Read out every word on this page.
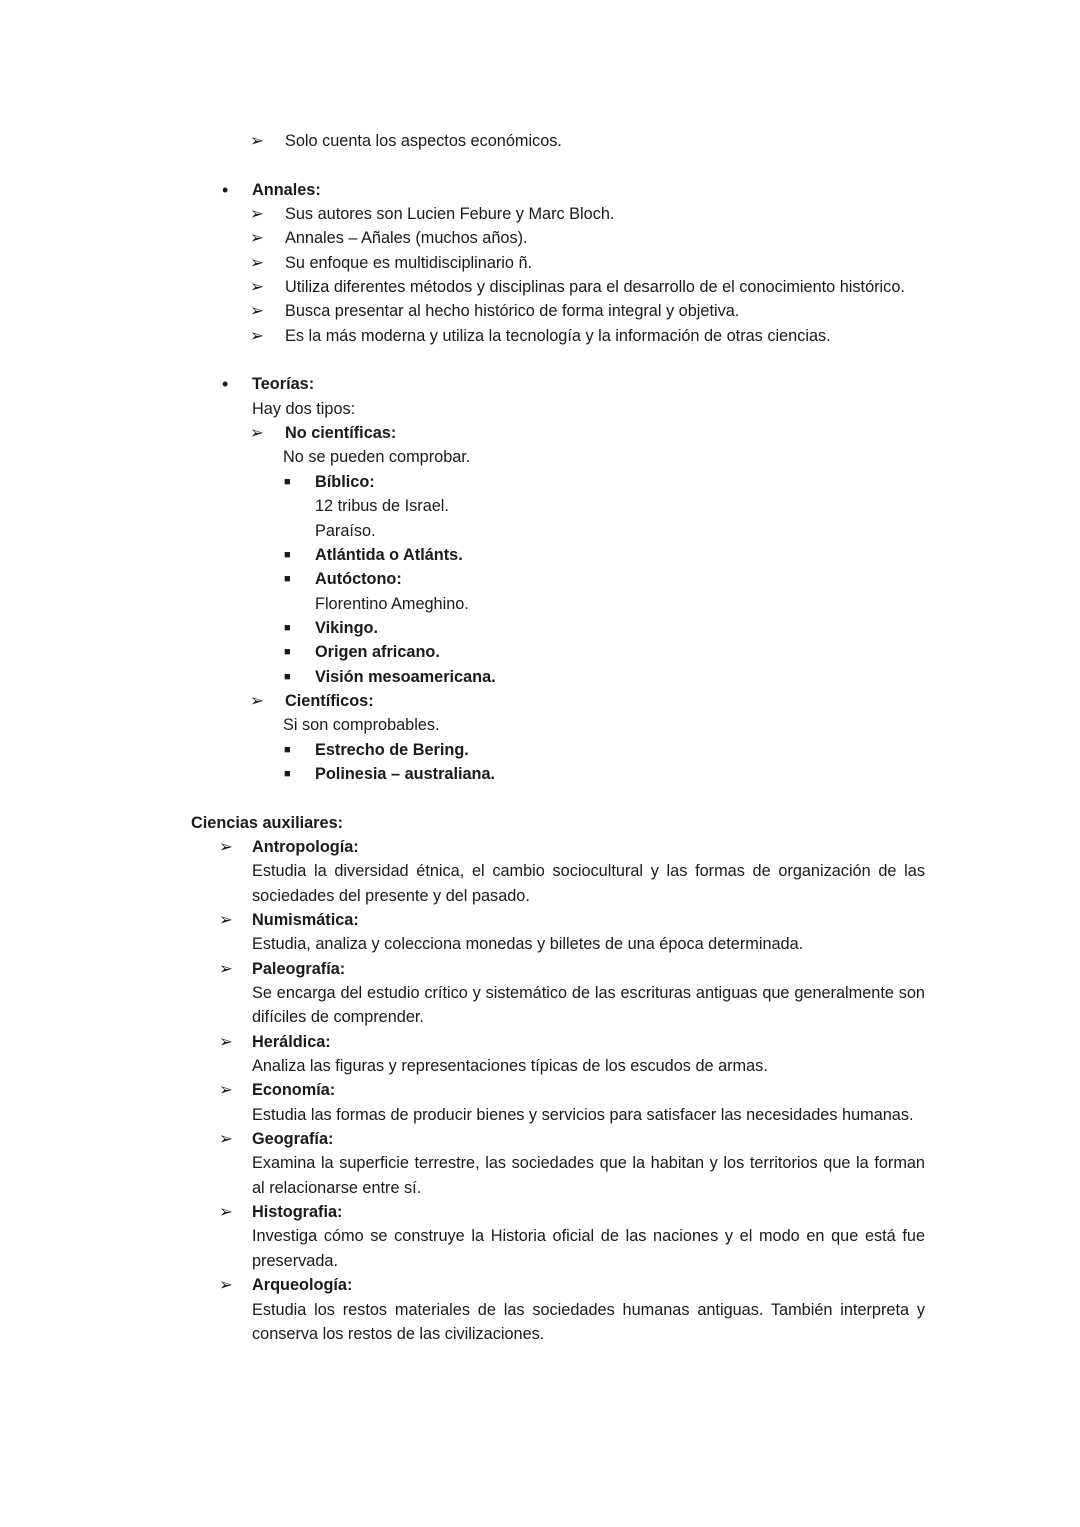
➢	Solo cuenta los aspectos económicos.
•	Annales:
➢	Sus autores son Lucien Febure y Marc Bloch.
➢	Annales – Añales (muchos años).
➢	Su enfoque es multidisciplinario ñ.
➢	Utiliza diferentes métodos y disciplinas para el desarrollo de el conocimiento histórico.
➢	Busca presentar al hecho histórico de forma integral y objetiva.
➢	Es la más moderna y utiliza la tecnología y la información de otras ciencias.
•	Teorías:
Hay dos tipos:
➢	No científicas:
No se pueden comprobar.
■	Bíblico:
12 tribus de Israel.
Paraíso.
■	Atlántida o Atlánts.
■	Autóctono:
Florentino Ameghino.
■	Vikingo.
■	Origen africano.
■	Visión mesoamericana.
➢	Científicos:
Si son comprobables.
■	Estrecho de Bering.
■	Polinesia – australiana.
Ciencias auxiliares:
➢	Antropología:
Estudia la diversidad étnica, el cambio sociocultural y las formas de organización de las sociedades del presente y del pasado.
➢	Numismática:
Estudia, analiza y colecciona monedas y billetes de una época determinada.
➢	Paleografía:
Se encarga del estudio crítico y sistemático de las escrituras antiguas que generalmente son difíciles de comprender.
➢	Heráldica:
Analiza las figuras y representaciones típicas de los escudos de armas.
➢	Economía:
Estudia las formas de producir bienes y servicios para satisfacer las necesidades humanas.
➢	Geografía:
Examina la superficie terrestre, las sociedades que la habitan y los territorios que la forman al relacionarse entre sí.
➢	Histografia:
Investiga cómo se construye la Historia oficial de las naciones y el modo en que está fue preservada.
➢	Arqueología:
Estudia los restos materiales de las sociedades humanas antiguas. También interpreta y conserva los restos de las civilizaciones.
